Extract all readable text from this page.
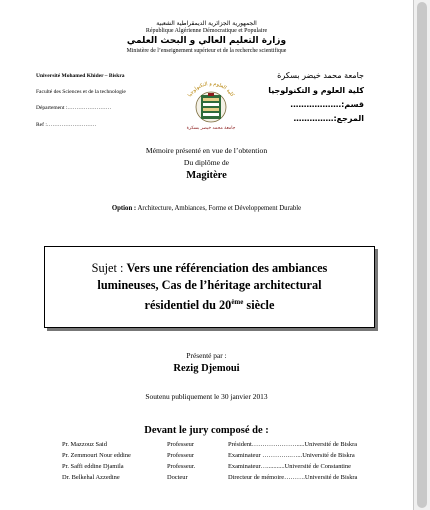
الجمهورية الجزائرية الديمقراطية الشعبية
République Algérienne Démocratique et Populaire
وزارة التعليم العالي و البحث العلمي
Ministère de l’enseignement supérieur et de la recherche scientifique
Université Mohamed Khider – Biskra
Faculté des Sciences et de la technologie
Département :……………………
Ref :………………………
جامعة محمد خيضر بسكرة
كلية العلوم و التكنولوجيا
قسم:……………….
المرجع:……………
كلية العلوم و التكنولوجيا
جامعة محمد خيضر بسكرة
Mémoire présenté en vue de l’obtention
Du diplôme de
Magitère
Option : Architecture, Ambiances, Forme et Développement Durable
Sujet : Vers une référenciation des ambiances
lumineuses, Cas de l’héritage architectural
résidentiel du 20ème siècle
Présenté par :
Rezig Djemoui
Soutenu publiquement le 30 janvier 2013
Devant le jury composé de :
Pr. Mazzouz Said	Professeur	Président………………….....Université de Biskra
Pr. Zemmouri Nour eddine	Professeur	Examinateur …………..…...Université de Biskra
Pr. Saffi eddine Djamila	Professeur.	Examinateur…...........Université de Constantine
Dr. Belkehal Azzedine	Docteur	Directeur de mémoire……….Université de Biskra
